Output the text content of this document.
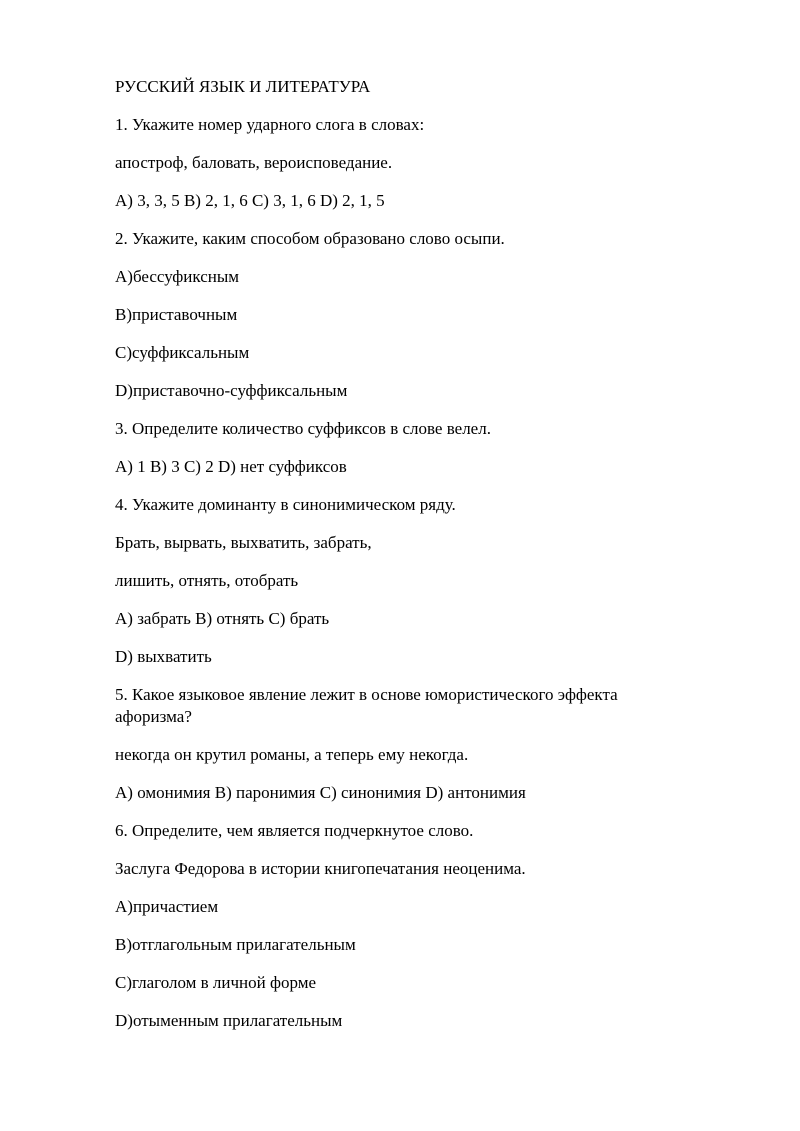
РУССКИЙ ЯЗЫК И ЛИТЕРАТУРА

1. Укажите номер ударного слога в словах:

апостроф, баловать, вероисповедание.

A) 3, 3, 5 B) 2, 1, 6 C) 3, 1, 6 D) 2, 1, 5

2. Укажите, каким способом образовано слово осыпи.

A)бессуфиксным

B)приставочным

C)суффиксальным

D)приставочно-суффиксальным

3. Определите количество суффиксов в слове велел.

A) 1 B) 3 C) 2 D) нет суффиксов

4. Укажите доминанту в синонимическом ряду.

Брать, вырвать, выхватить, забрать,

лишить, отнять, отобрать

A) забрать B) отнять C) брать

D) выхватить

5. Какое языковое явление лежит в основе юмористического эффекта афоризма?

некогда он крутил романы, а теперь ему некогда.

A) омонимия B) паронимия C) синонимия D) антонимия

6. Определите, чем является подчеркнутое слово.

Заслуга Федорова в истории книгопечатания неоценима.

A)причастием

B)отглагольным прилагательным

C)глаголом в личной форме

D)отыменным прилагательным
